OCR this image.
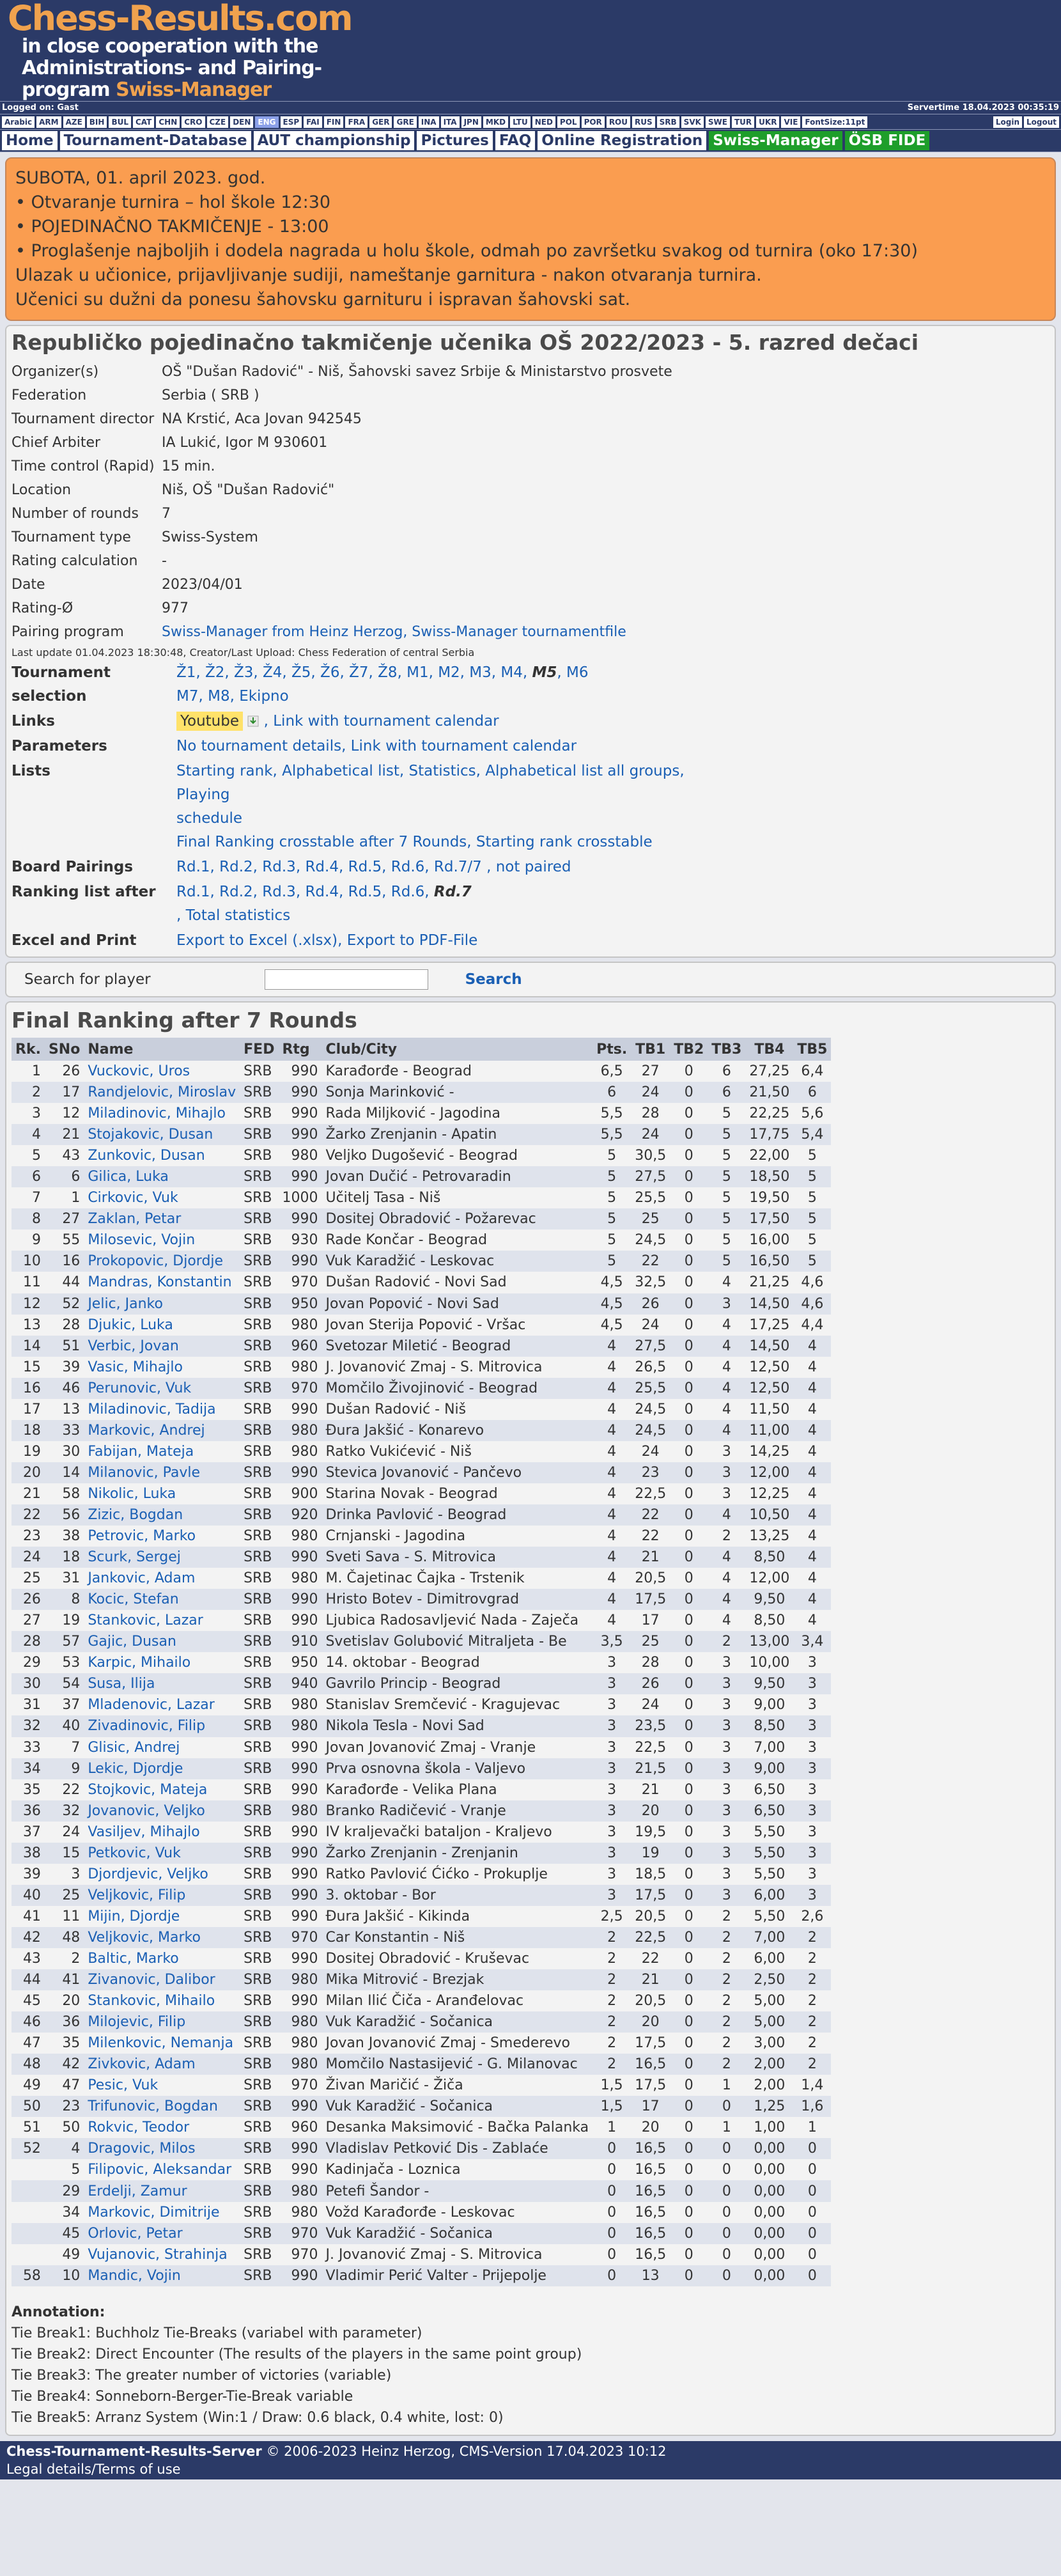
Chess-Results.com
in close cooperation with the
Administrations- and Pairing-
program Swiss-Manager
Logged on: Gast	Servertime 18.04.2023 00:35:19
Arabic ARM AZE BIH BUL CAT CHN CRO CZE DEN ENG ESP FAI FIN FRA GER GRE INA ITA JPN MKD LTU NED POL POR ROU RUS SRB SVK SWE TUR UKR VIE FontSize:11pt	Login Logout
Home Tournament-Database AUT championship Pictures FAQ Online Registration Swiss-Manager ÖSB FIDE
SUBOTA, 01. april 2023. god.
• Otvaranje turnira – hol škole 12:30
• POJEDINAČNO TAKMIČENJE - 13:00
• Proglašenje najboljih i dodela nagrada u holu škole, odmah po završetku svakog od turnira (oko 17:30)
Ulazak u učionice, prijavljivanje sudiji, nameštanje garnitura - nakon otvaranja turnira.
Učenici su dužni da ponesu šahovsku garnituru i ispravan šahovski sat.
Republičko pojedinačno takmičenje učenika OŠ 2022/2023 - 5. razred dečaci
Organizer(s)	OŠ "Dušan Radović" - Niš, Šahovski savez Srbije & Ministarstvo prosvete
Federation	Serbia ( SRB )
Tournament director NA Krstić, Aca Jovan 942545
Chief Arbiter	IA Lukić, Igor M 930601
Time control (Rapid) 15 min.
Location	Niš, OŠ "Dušan Radović"
Number of rounds	7
Tournament type	Swiss-System
Rating calculation	-
Date	2023/04/01
Rating-Ø	977
Pairing program	Swiss-Manager from Heinz Herzog, Swiss-Manager tournamentfile
Last update 01.04.2023 18:30:48, Creator/Last Upload: Chess Federation of central Serbia
Tournament selection
Ž1, Ž2, Ž3, Ž4, Ž5, Ž6, Ž7, Ž8, M1, M2, M3, M4, M5, M6
M7, M8, Ekipno
Links	Youtube , Link with tournament calendar
Parameters	No tournament details, Link with tournament calendar
Lists	Starting rank, Alphabetical list, Statistics, Alphabetical list all groups, Playing
schedule
Final Ranking crosstable after 7 Rounds, Starting rank crosstable
Board Pairings	Rd.1, Rd.2, Rd.3, Rd.4, Rd.5, Rd.6, Rd.7/7 , not paired
Ranking list after	Rd.1, Rd.2, Rd.3, Rd.4, Rd.5, Rd.6, Rd.7
, Total statistics
Excel and Print	Export to Excel (.xlsx), Export to PDF-File
Search for player	Search
Final Ranking after 7 Rounds
Rk.	SNo	Name	FED	Rtg	Club/City	Pts.	TB1	TB2	TB3	TB4	TB5
1	26	Vuckovic, Uros	SRB	990	Karađorđe - Beograd	6,5	27	0	6	27,25	6,4
2	17	Randjelovic, Miroslav	SRB	990	Sonja Marinković -	6	24	0	6	21,50	6
3	12	Miladinovic, Mihajlo	SRB	990	Rada Miljković - Jagodina	5,5	28	0	5	22,25	5,6
4	21	Stojakovic, Dusan	SRB	990	Žarko Zrenjanin - Apatin	5,5	24	0	5	17,75	5,4
5	43	Zunkovic, Dusan	SRB	980	Veljko Dugošević - Beograd	5	30,5	0	5	22,00	5
6	6	Gilica, Luka	SRB	990	Jovan Dučić - Petrovaradin	5	27,5	0	5	18,50	5
7	1	Cirkovic, Vuk	SRB	1000	Učitelj Tasa - Niš	5	25,5	0	5	19,50	5
8	27	Zaklan, Petar	SRB	990	Dositej Obradović - Požarevac	5	25	0	5	17,50	5
9	55	Milosevic, Vojin	SRB	930	Rade Končar - Beograd	5	24,5	0	5	16,00	5
10	16	Prokopovic, Djordje	SRB	990	Vuk Karadžić - Leskovac	5	22	0	5	16,50	5
11	44	Mandras, Konstantin	SRB	970	Dušan Radović - Novi Sad	4,5	32,5	0	4	21,25	4,6
12	52	Jelic, Janko	SRB	950	Jovan Popović - Novi Sad	4,5	26	0	3	14,50	4,6
13	28	Djukic, Luka	SRB	980	Jovan Sterija Popović - Vršac	4,5	24	0	4	17,25	4,4
14	51	Verbic, Jovan	SRB	960	Svetozar Miletić - Beograd	4	27,5	0	4	14,50	4
15	39	Vasic, Mihajlo	SRB	980	J. Jovanović Zmaj - S. Mitrovica	4	26,5	0	4	12,50	4
16	46	Perunovic, Vuk	SRB	970	Momčilo Živojinović - Beograd	4	25,5	0	4	12,50	4
17	13	Miladinovic, Tadija	SRB	990	Dušan Radović - Niš	4	24,5	0	4	11,50	4
18	33	Markovic, Andrej	SRB	980	Đura Jakšić - Konarevo	4	24,5	0	4	11,00	4
19	30	Fabijan, Mateja	SRB	980	Ratko Vukićević - Niš	4	24	0	3	14,25	4
20	14	Milanovic, Pavle	SRB	990	Stevica Jovanović - Pančevo	4	23	0	3	12,00	4
21	58	Nikolic, Luka	SRB	900	Starina Novak - Beograd	4	22,5	0	3	12,25	4
22	56	Zizic, Bogdan	SRB	920	Drinka Pavlović - Beograd	4	22	0	4	10,50	4
23	38	Petrovic, Marko	SRB	980	Crnjanski - Jagodina	4	22	0	2	13,25	4
24	18	Scurk, Sergej	SRB	990	Sveti Sava - S. Mitrovica	4	21	0	4	8,50	4
25	31	Jankovic, Adam	SRB	980	M. Čajetinac Čajka - Trstenik	4	20,5	0	4	12,00	4
26	8	Kocic, Stefan	SRB	990	Hristo Botev - Dimitrovgrad	4	17,5	0	4	9,50	4
27	19	Stankovic, Lazar	SRB	990	Ljubica Radosavljević Nada - Zaječa	4	17	0	4	8,50	4
28	57	Gajic, Dusan	SRB	910	Svetislav Golubović Mitraljeta - Be	3,5	25	0	2	13,00	3,4
29	53	Karpic, Mihailo	SRB	950	14. oktobar - Beograd	3	28	0	3	10,00	3
30	54	Susa, Ilija	SRB	940	Gavrilo Princip - Beograd	3	26	0	3	9,50	3
31	37	Mladenovic, Lazar	SRB	980	Stanislav Sremčević - Kragujevac	3	24	0	3	9,00	3
32	40	Zivadinovic, Filip	SRB	980	Nikola Tesla - Novi Sad	3	23,5	0	3	8,50	3
33	7	Glisic, Andrej	SRB	990	Jovan Jovanović Zmaj - Vranje	3	22,5	0	3	7,00	3
34	9	Lekic, Djordje	SRB	990	Prva osnovna škola - Valjevo	3	21,5	0	3	9,00	3
35	22	Stojkovic, Mateja	SRB	990	Karađorđe - Velika Plana	3	21	0	3	6,50	3
36	32	Jovanovic, Veljko	SRB	980	Branko Radičević - Vranje	3	20	0	3	6,50	3
37	24	Vasiljev, Mihajlo	SRB	990	IV kraljevački bataljon - Kraljevo	3	19,5	0	3	5,50	3
38	15	Petkovic, Vuk	SRB	990	Žarko Zrenjanin - Zrenjanin	3	19	0	3	5,50	3
39	3	Djordjevic, Veljko	SRB	990	Ratko Pavlović Ćićko - Prokuplje	3	18,5	0	3	5,50	3
40	25	Veljkovic, Filip	SRB	990	3. oktobar - Bor	3	17,5	0	3	6,00	3
41	11	Mijin, Djordje	SRB	990	Đura Jakšić - Kikinda	2,5	20,5	0	2	5,50	2,6
42	48	Veljkovic, Marko	SRB	970	Car Konstantin - Niš	2	22,5	0	2	7,00	2
43	2	Baltic, Marko	SRB	990	Dositej Obradović - Kruševac	2	22	0	2	6,00	2
44	41	Zivanovic, Dalibor	SRB	980	Mika Mitrović - Brezjak	2	21	0	2	2,50	2
45	20	Stankovic, Mihailo	SRB	990	Milan Ilić Čiča - Aranđelovac	2	20,5	0	2	5,00	2
46	36	Milojevic, Filip	SRB	980	Vuk Karadžić - Sočanica	2	20	0	2	5,00	2
47	35	Milenkovic, Nemanja	SRB	980	Jovan Jovanović Zmaj - Smederevo	2	17,5	0	2	3,00	2
48	42	Zivkovic, Adam	SRB	980	Momčilo Nastasijević - G. Milanovac	2	16,5	0	2	2,00	2
49	47	Pesic, Vuk	SRB	970	Živan Maričić - Žiča	1,5	17,5	0	1	2,00	1,4
50	23	Trifunovic, Bogdan	SRB	990	Vuk Karadžić - Sočanica	1,5	17	0	0	1,25	1,6
51	50	Rokvic, Teodor	SRB	960	Desanka Maksimović - Bačka Palanka	1	20	0	1	1,00	1
52	4	Dragovic, Milos	SRB	990	Vladislav Petković Dis - Zablaće	0	16,5	0	0	0,00	0
	5	Filipovic, Aleksandar	SRB	990	Kadinjača - Loznica	0	16,5	0	0	0,00	0
	29	Erdelji, Zamur	SRB	980	Petefi Šandor -	0	16,5	0	0	0,00	0
	34	Markovic, Dimitrije	SRB	980	Vožd Karađorđe - Leskovac	0	16,5	0	0	0,00	0
	45	Orlovic, Petar	SRB	970	Vuk Karadžić - Sočanica	0	16,5	0	0	0,00	0
	49	Vujanovic, Strahinja	SRB	970	J. Jovanović Zmaj - S. Mitrovica	0	16,5	0	0	0,00	0
58	10	Mandic, Vojin	SRB	990	Vladimir Perić Valter - Prijepolje	0	13	0	0	0,00	0
Annotation:
Tie Break1: Buchholz Tie-Breaks (variabel with parameter)
Tie Break2: Direct Encounter (The results of the players in the same point group)
Tie Break3: The greater number of victories (variable)
Tie Break4: Sonneborn-Berger-Tie-Break variable
Tie Break5: Arranz System (Win:1 / Draw: 0.6 black, 0.4 white, lost: 0)
Chess-Tournament-Results-Server © 2006-2023 Heinz Herzog, CMS-Version 17.04.2023 10:12
Legal details/Terms of use
